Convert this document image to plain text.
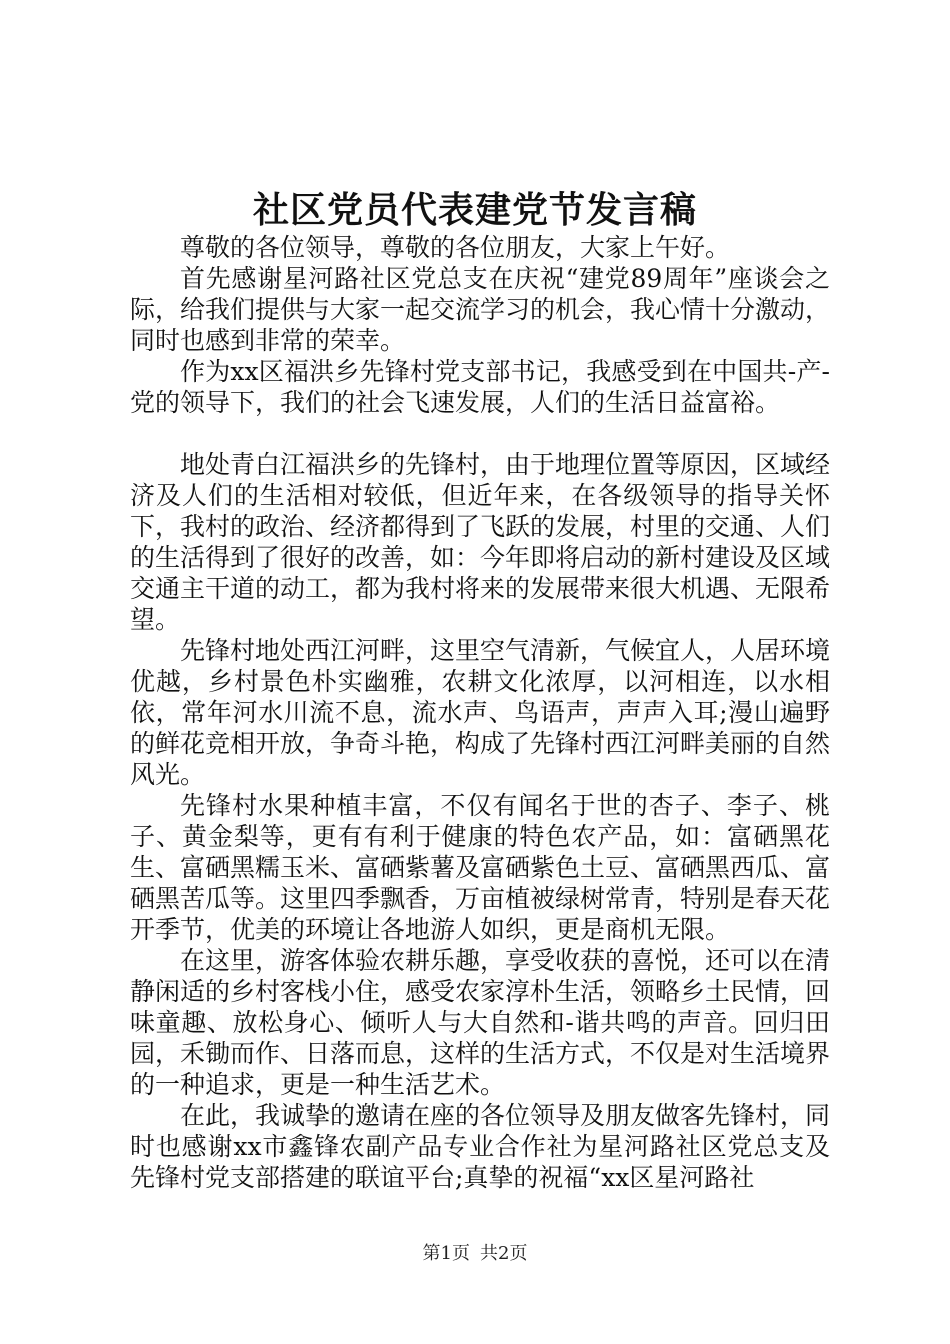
社区党员代表建党节发言稿

尊敬的各位领导，尊敬的各位朋友，大家上午好。

首先感谢星河路社区党总支在庆祝“建党89周年”座谈会之际，给我们提供与大家一起交流学习的机会，我心情十分激动，同时也感到非常的荣幸。

作为xx区福洪乡先锋村党支部书记，我感受到在中国共-产-党的领导下，我们的社会飞速发展，人们的生活日益富裕。

地处青白江福洪乡的先锋村，由于地理位置等原因，区域经济及人们的生活相对较低，但近年来，在各级领导的指导关怀下，我村的政治、经济都得到了飞跃的发展，村里的交通、人们的生活得到了很好的改善，如：今年即将启动的新村建设及区域交通主干道的动工，都为我村将来的发展带来很大机遇、无限希望。

先锋村地处西江河畔，这里空气清新，气候宜人，人居环境优越，乡村景色朴实幽雅，农耕文化浓厚，以河相连，以水相依，常年河水川流不息，流水声、鸟语声，声声入耳;漫山遍野的鲜花竞相开放，争奇斗艳，构成了先锋村西江河畔美丽的自然风光。

先锋村水果种植丰富，不仅有闻名于世的杏子、李子、桃子、黄金梨等，更有有利于健康的特色农产品，如：富硒黑花生、富硒黑糯玉米、富硒紫薯及富硒紫色土豆、富硒黑西瓜、富硒黑苦瓜等。这里四季飘香，万亩植被绿树常青，特别是春天花开季节，优美的环境让各地游人如织，更是商机无限。

在这里，游客体验农耕乐趣，享受收获的喜悦，还可以在清静闲适的乡村客栈小住，感受农家淳朴生活，领略乡土民情，回味童趣、放松身心、倾听人与大自然和-谐共鸣的声音。回归田园，禾锄而作、日落而息，这样的生活方式，不仅是对生活境界的一种追求，更是一种生活艺术。

在此，我诚挚的邀请在座的各位领导及朋友做客先锋村，同时也感谢xx市鑫锋农副产品专业合作社为星河路社区党总支及先锋村党支部搭建的联谊平台;真挚的祝福“xx区星河路社

第1页 共2页
